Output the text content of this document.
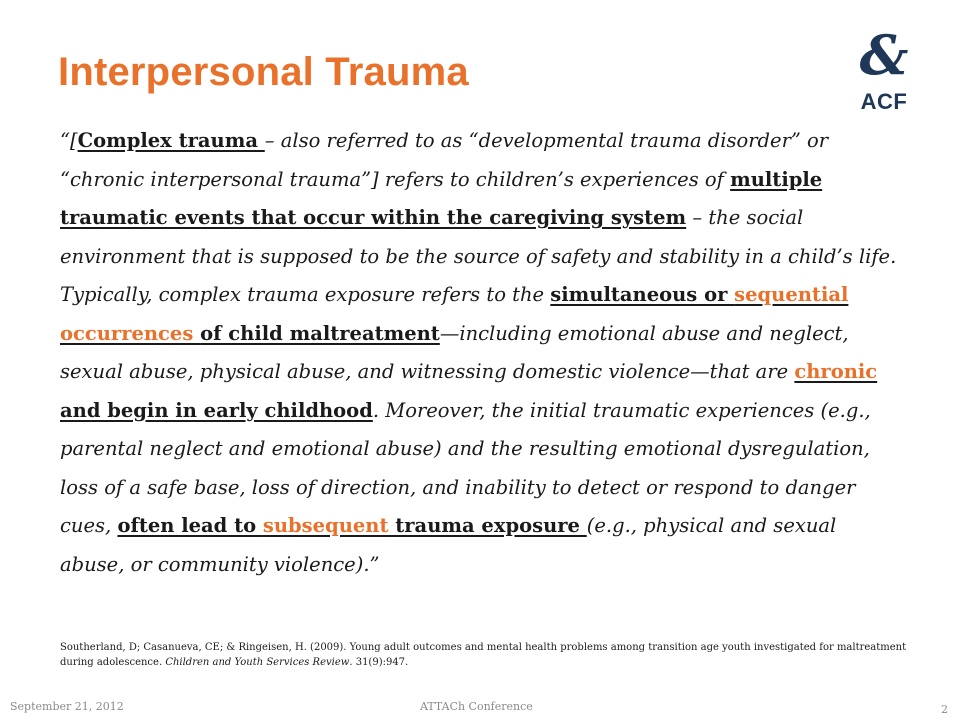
Interpersonal Trauma	&
ACF
“[Complex trauma – also referred to as “developmental trauma disorder” or “chronic interpersonal trauma”] refers to children’s experiences of multiple traumatic events that occur within the caregiving system – the social environment that is supposed to be the source of safety and stability in a child’s life. Typically, complex trauma exposure refers to the simultaneous or sequential occurrences of child maltreatment—including emotional abuse and neglect, sexual abuse, physical abuse, and witnessing domestic violence—that are chronic and begin in early childhood. Moreover, the initial traumatic experiences (e.g., parental neglect and emotional abuse) and the resulting emotional dysregulation, loss of a safe base, loss of direction, and inability to detect or respond to danger cues, often lead to subsequent trauma exposure (e.g., physical and sexual abuse, or community violence).”
Southerland, D; Casanueva, CE; & Ringeisen, H. (2009). Young adult outcomes and mental health problems among transition age youth investigated for maltreatment during adolescence. Children and Youth Services Review. 31(9):947.
September 21, 2012	ATTACh Conference	2
